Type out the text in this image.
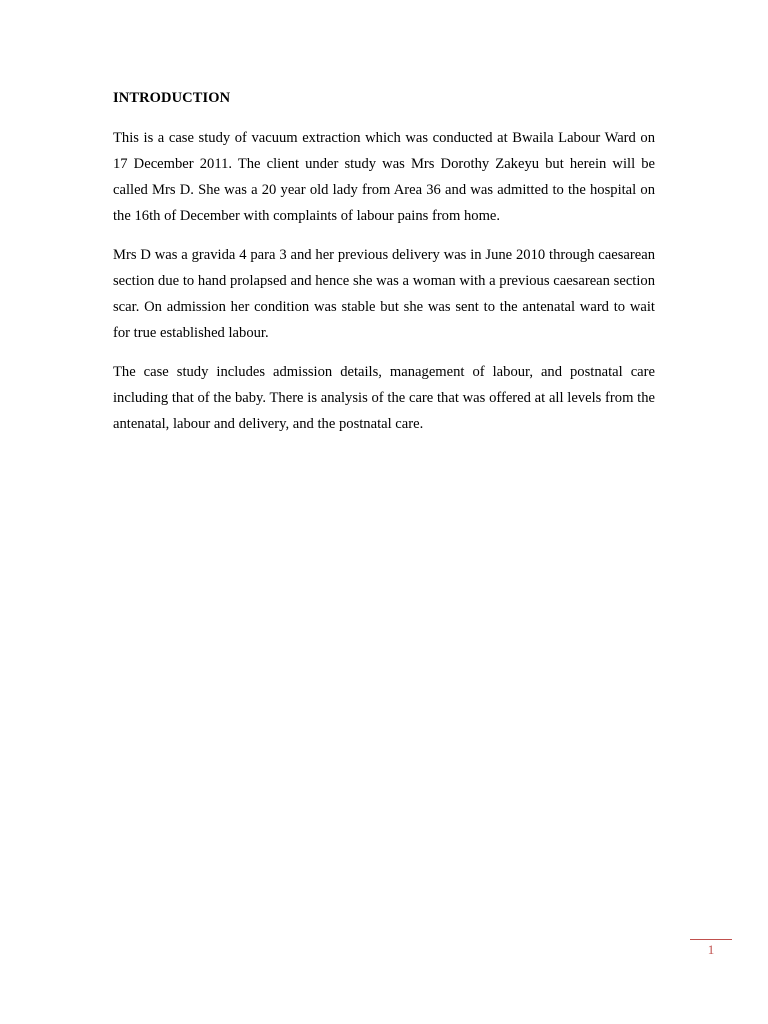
INTRODUCTION

This is a case study of vacuum extraction which was conducted at Bwaila Labour Ward on 17 December 2011. The client under study was Mrs Dorothy Zakeyu but herein will be called Mrs D. She was a 20 year old lady from Area 36 and was admitted to the hospital on the 16th of December with complaints of labour pains from home.

Mrs D was a gravida 4 para 3 and her previous delivery was in June 2010 through caesarean section due to hand prolapsed and hence she was a woman with a previous caesarean section scar. On admission her condition was stable but she was sent to the antenatal ward to wait for true established labour.

The case study includes admission details, management of labour, and postnatal care including that of the baby. There is analysis of the care that was offered at all levels from the antenatal, labour and delivery, and the postnatal care.

1
